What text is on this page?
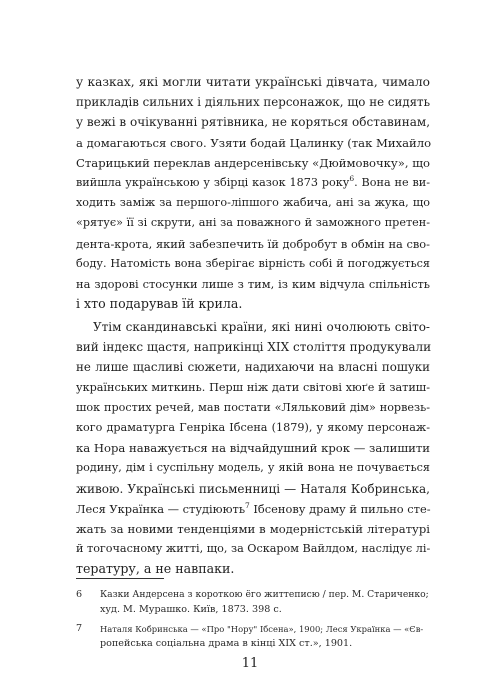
у казках, які могли читати українські дівчата, чимало
прикладів сильних і діяльних персонажок, що не сидять
у вежі в очікуванні рятівника, не коряться обставинам,
а домагаються свого. Узяти бодай Цалинку (так Михайло
Старицький переклав андерсенівську «Дюймовочку», що
вийшла українською у збірці казок 1873 року$^6$. Вона не ви-
ходить заміж за першого-ліпшого жабича, ані за жука, що
«рятує» її зі скрути, ані за поважного й заможного претен-
дента-крота, який забезпечить їй добробут в обмін на сво-
боду. Натомість вона зберігає вірність собі й погоджується
на здорові стосунки лише з тим, із ким відчула спільність
і хто подарував їй крила.
Утім скандинавські країни, які нині очолюють світо-
вий індекс щастя, наприкінці XIX століття продукували
не лише щасливі сюжети, надихаючи на власні пошуки
українських миткинь. Перш ніж дати світові хюґе й затиш-
шок простих речей, мав постати «Ляльковий дім» норвезь-
кого драматурга Генріка Ібсена (1879), у якому персонаж-
ка Нора наважується на відчайдушний крок — залишити
родину, дім і суспільну модель, у якій вона не почувається
живою. Українські письменниці — Наталя Кобринська,
Леся Українка — студіюють$^7$ Ібсенову драму й пильно сте-
жать за новими тенденціями в модерністській літературі
й тогочасному житті, що, за Оскаром Вайлдом, наслідує лі-
тературу, а не навпаки.
6 Казки Андерсена з короткою ёго життеписю / пер. М. Стариченко;
худ. М. Мурашко. Київ, 1873. 398 с.
7 Наталя Кобринська — «Про "Нору" Ібсена», 1900; Леся Українка — «Єв-
ропейська соціальна драма в кінці XIX ст.», 1901.
11
